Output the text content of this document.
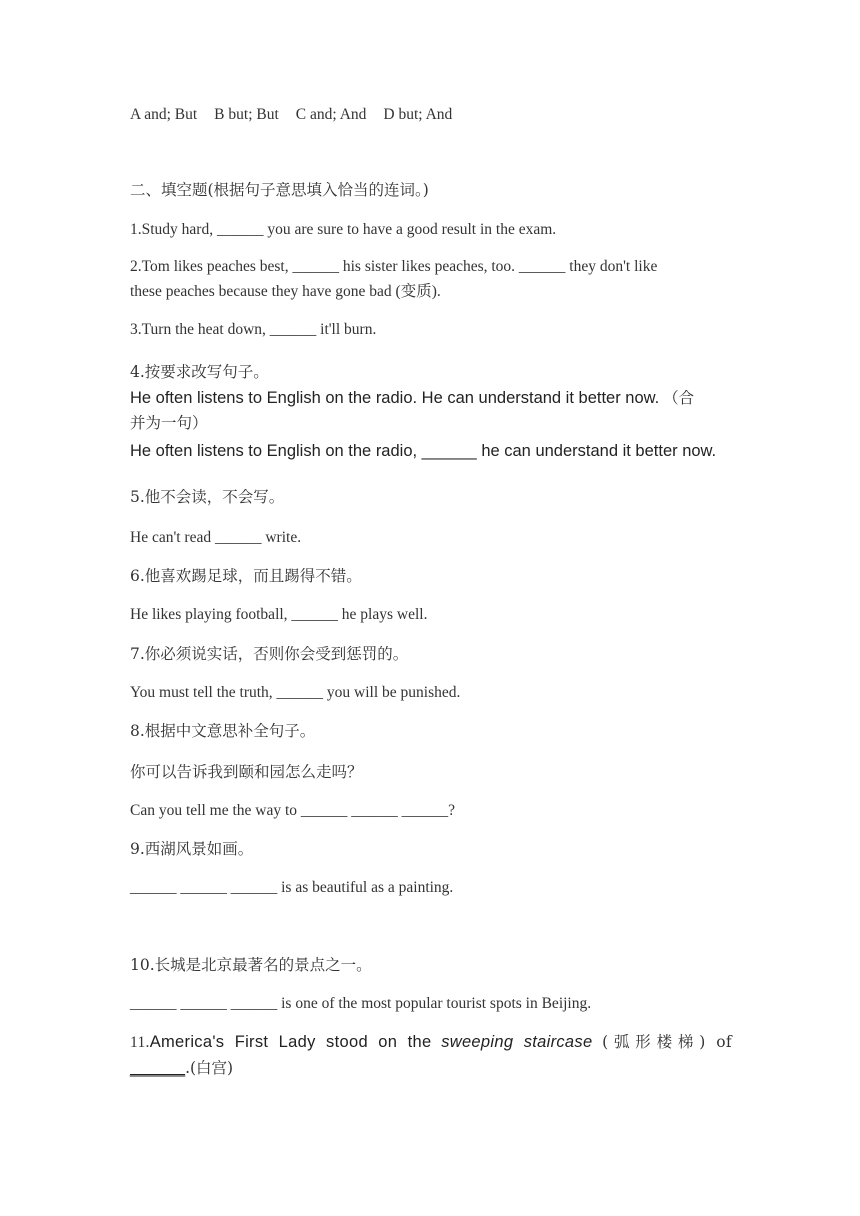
A and; But B but; But C and; And D but; And
二、填空题(根据句子意思填入恰当的连词。)
1.Study hard, ______ you are sure to have a good result in the exam.
2.Tom likes peaches best, ______ his sister likes peaches, too. ______ they don't like
these peaches because they have gone bad (变质).
3.Turn the heat down, ______ it'll burn.
4.按要求改写句子。
He often listens to English on the radio. He can understand it better now. （合
并为一句）
He often listens to English on the radio, ______ he can understand it better now.
5.他不会读，不会写。
He can't read ______ write.
6.他喜欢踢足球，而且踢得不错。
He likes playing football, ______ he plays well.
7.你必须说实话，否则你会受到惩罚的。
You must tell the truth, ______ you will be punished.
8.根据中文意思补全句子。
你可以告诉我到颐和园怎么走吗？
Can you tell me the way to ______ ______ ______?
9.西湖风景如画。
______ ______ ______ is as beautiful as a painting.
10.长城是北京最著名的景点之一。
______ ______ ______ is one of the most popular tourist spots in Beijing.
11.America's First Lady stood on the sweeping staircase (弧形楼梯) of
______.(白宫)
